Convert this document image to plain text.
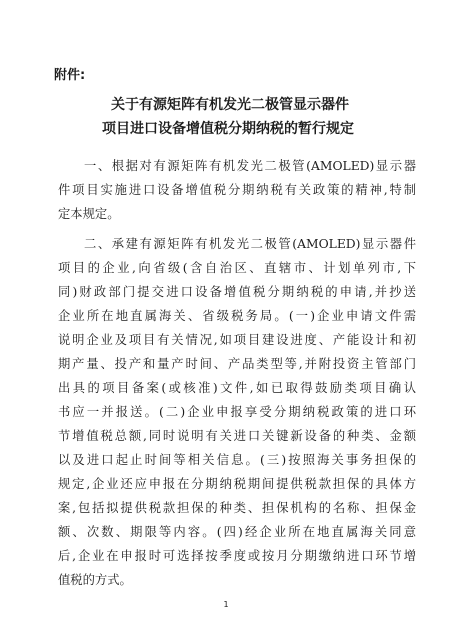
附件:
关于有源矩阵有机发光二极管显示器件
项目进口设备增值税分期纳税的暂行规定
一、根据对有源矩阵有机发光二极管(AMOLED)显示器
件项目实施进口设备增值税分期纳税有关政策的精神,特制
定本规定。
二、承建有源矩阵有机发光二极管(AMOLED)显示器件
项目的企业,向省级(含自治区、直辖市、计划单列市,下
同)财政部门提交进口设备增值税分期纳税的申请,并抄送
企业所在地直属海关、省级税务局。(一)企业申请文件需
说明企业及项目有关情况,如项目建设进度、产能设计和初
期产量、投产和量产时间、产品类型等,并附投资主管部门
出具的项目备案(或核准)文件,如已取得鼓励类项目确认
书应一并报送。(二)企业申报享受分期纳税政策的进口环
节增值税总额,同时说明有关进口关键新设备的种类、金额
以及进口起止时间等相关信息。(三)按照海关事务担保的
规定,企业还应申报在分期纳税期间提供税款担保的具体方
案,包括拟提供税款担保的种类、担保机构的名称、担保金
额、次数、期限等内容。(四)经企业所在地直属海关同意
后,企业在申报时可选择按季度或按月分期缴纳进口环节增
值税的方式。
1
